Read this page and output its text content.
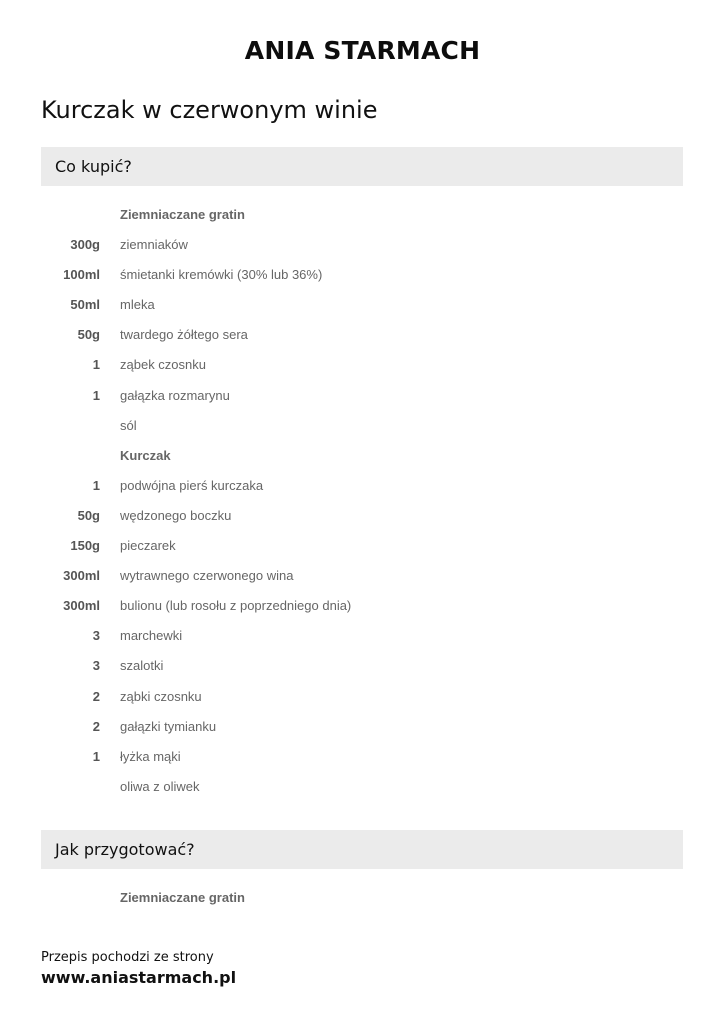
ANIA STARMACH
Kurczak w czerwonym winie
Co kupić?
Ziemniaczane gratin
300g ziemniaków
100ml śmietanki kremówki (30% lub 36%)
50ml mleka
50g twardego żółtego sera
1 ząbek czosnku
1 gałązka rozmarynu
sól
Kurczak
1 podwójna pierś kurczaka
50g wędzonego boczku
150g pieczarek
300ml wytrawnego czerwonego wina
300ml bulionu (lub rosołu z poprzedniego dnia)
3 marchewki
3 szalotki
2 ząbki czosnku
2 gałązki tymianku
1 łyżka mąki
oliwa z oliwek
Jak przygotować?
Ziemniaczane gratin
Przepis pochodzi ze strony
www.aniastarmach.pl
